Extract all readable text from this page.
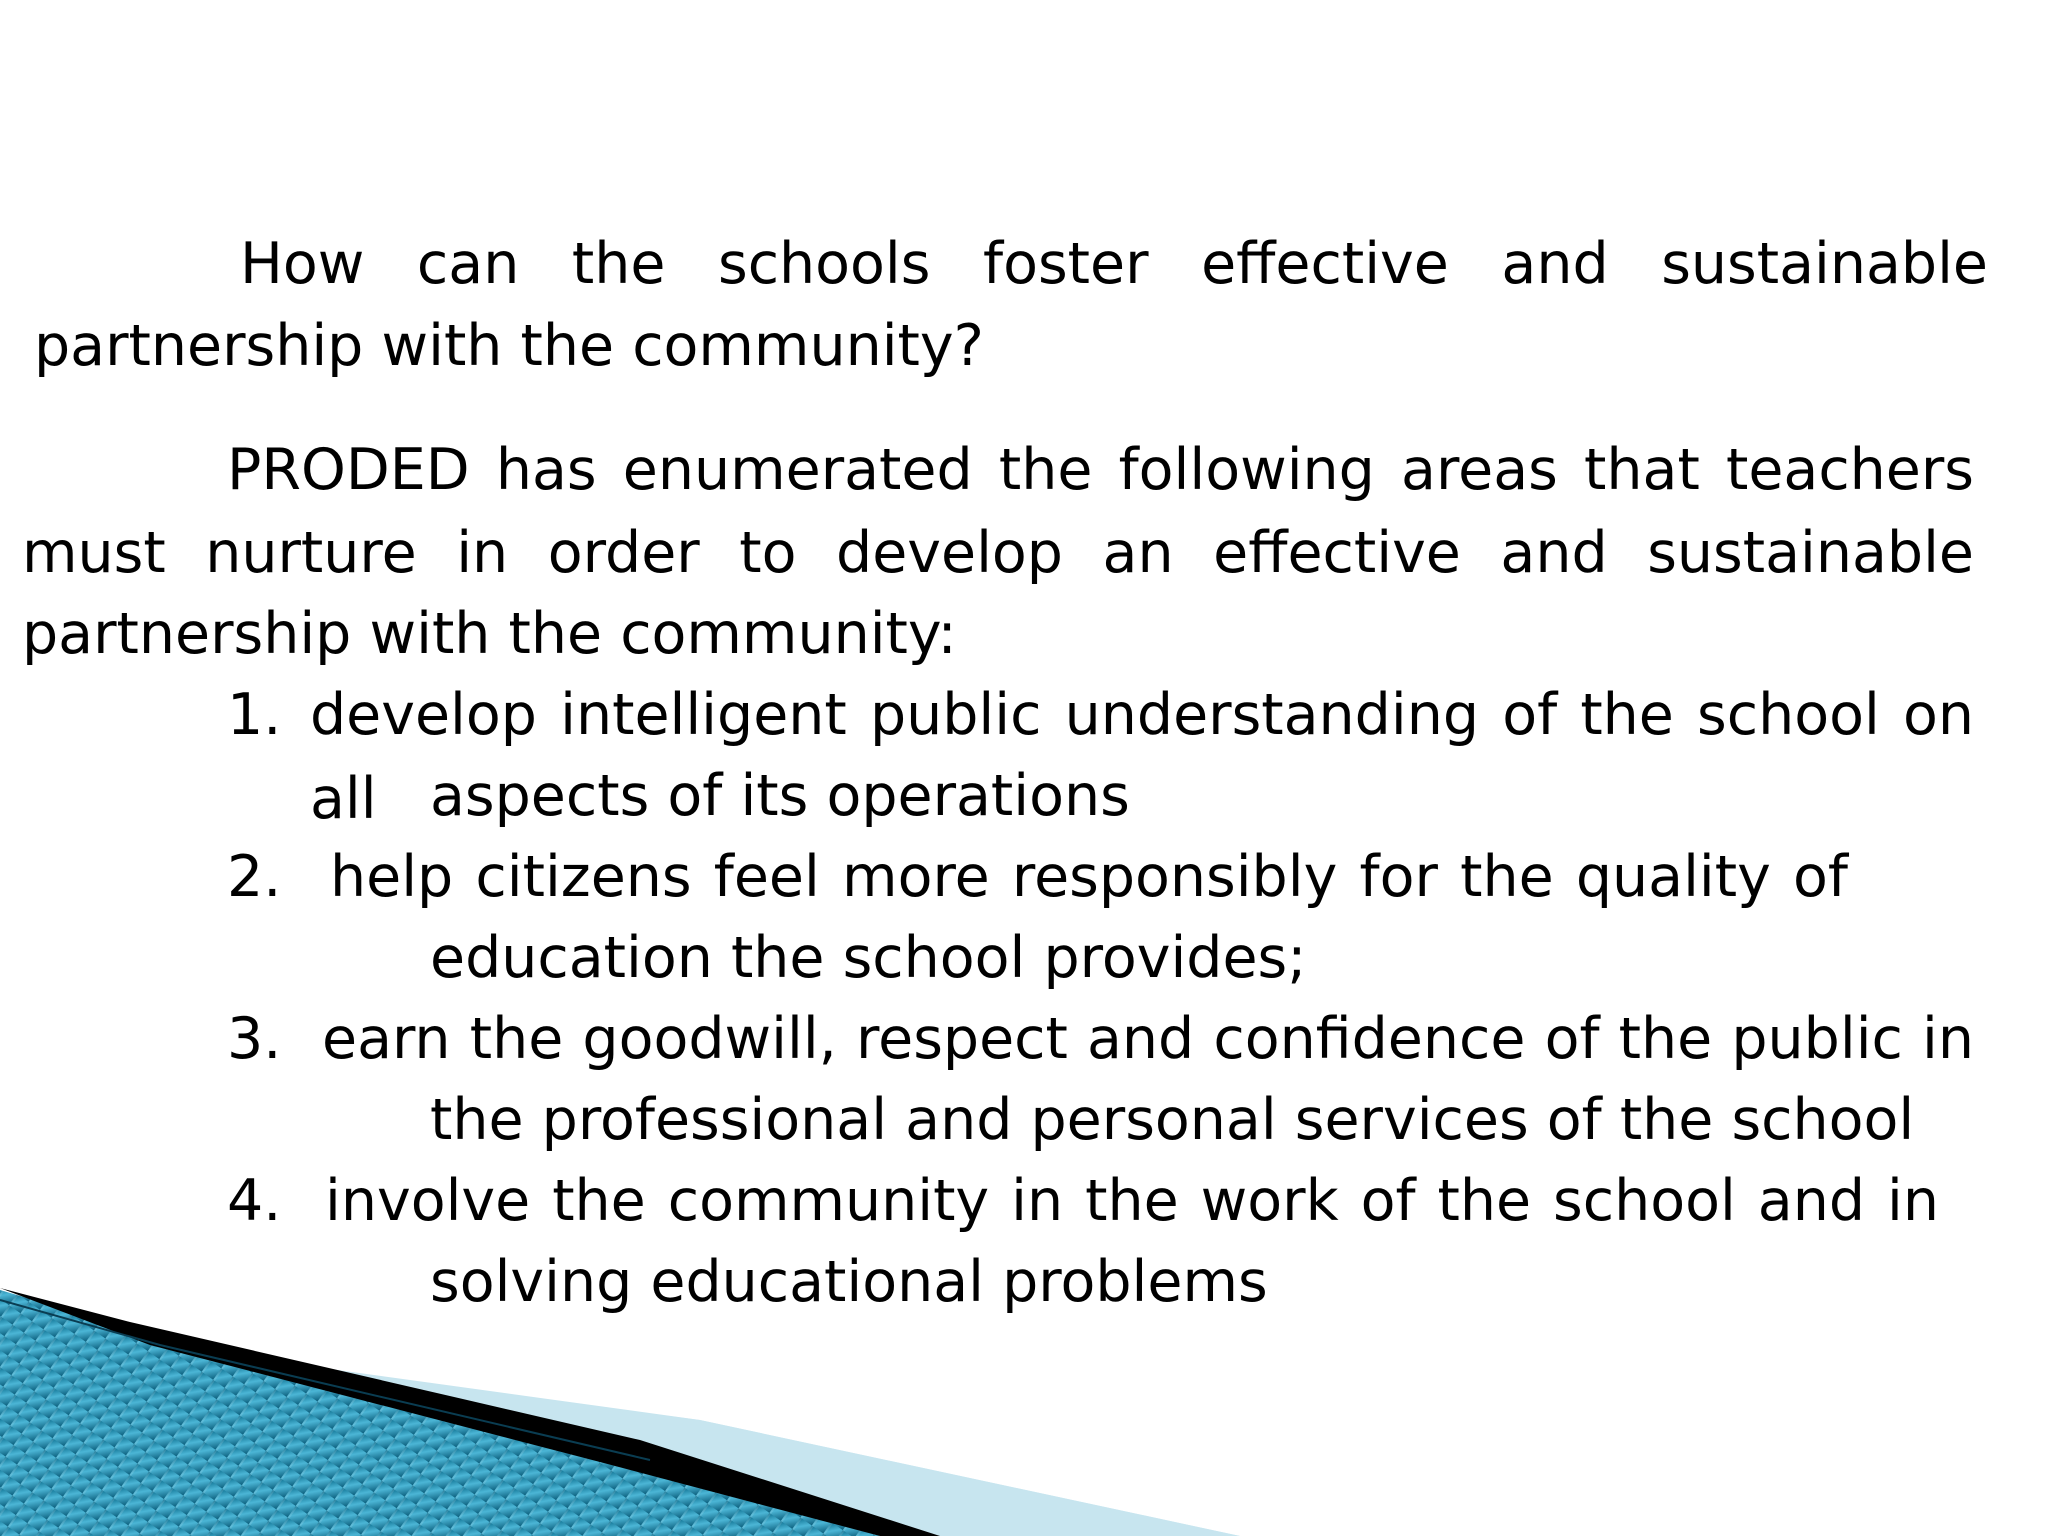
How can the schools foster effective and sustainable

partnership with the community?

PRODED has enumerated the following areas that teachers

must nurture in order to develop an effective and sustainable

partnership with the community:

1. develop intelligent public understanding of the school on all aspects of its operations

2. help citizens feel more responsibly for the quality of

education the school provides;

3. earn the goodwill, respect and confidence of the public in

the professional and personal services of the school

4. involve the community in the work of the school and in

solving educational problems
